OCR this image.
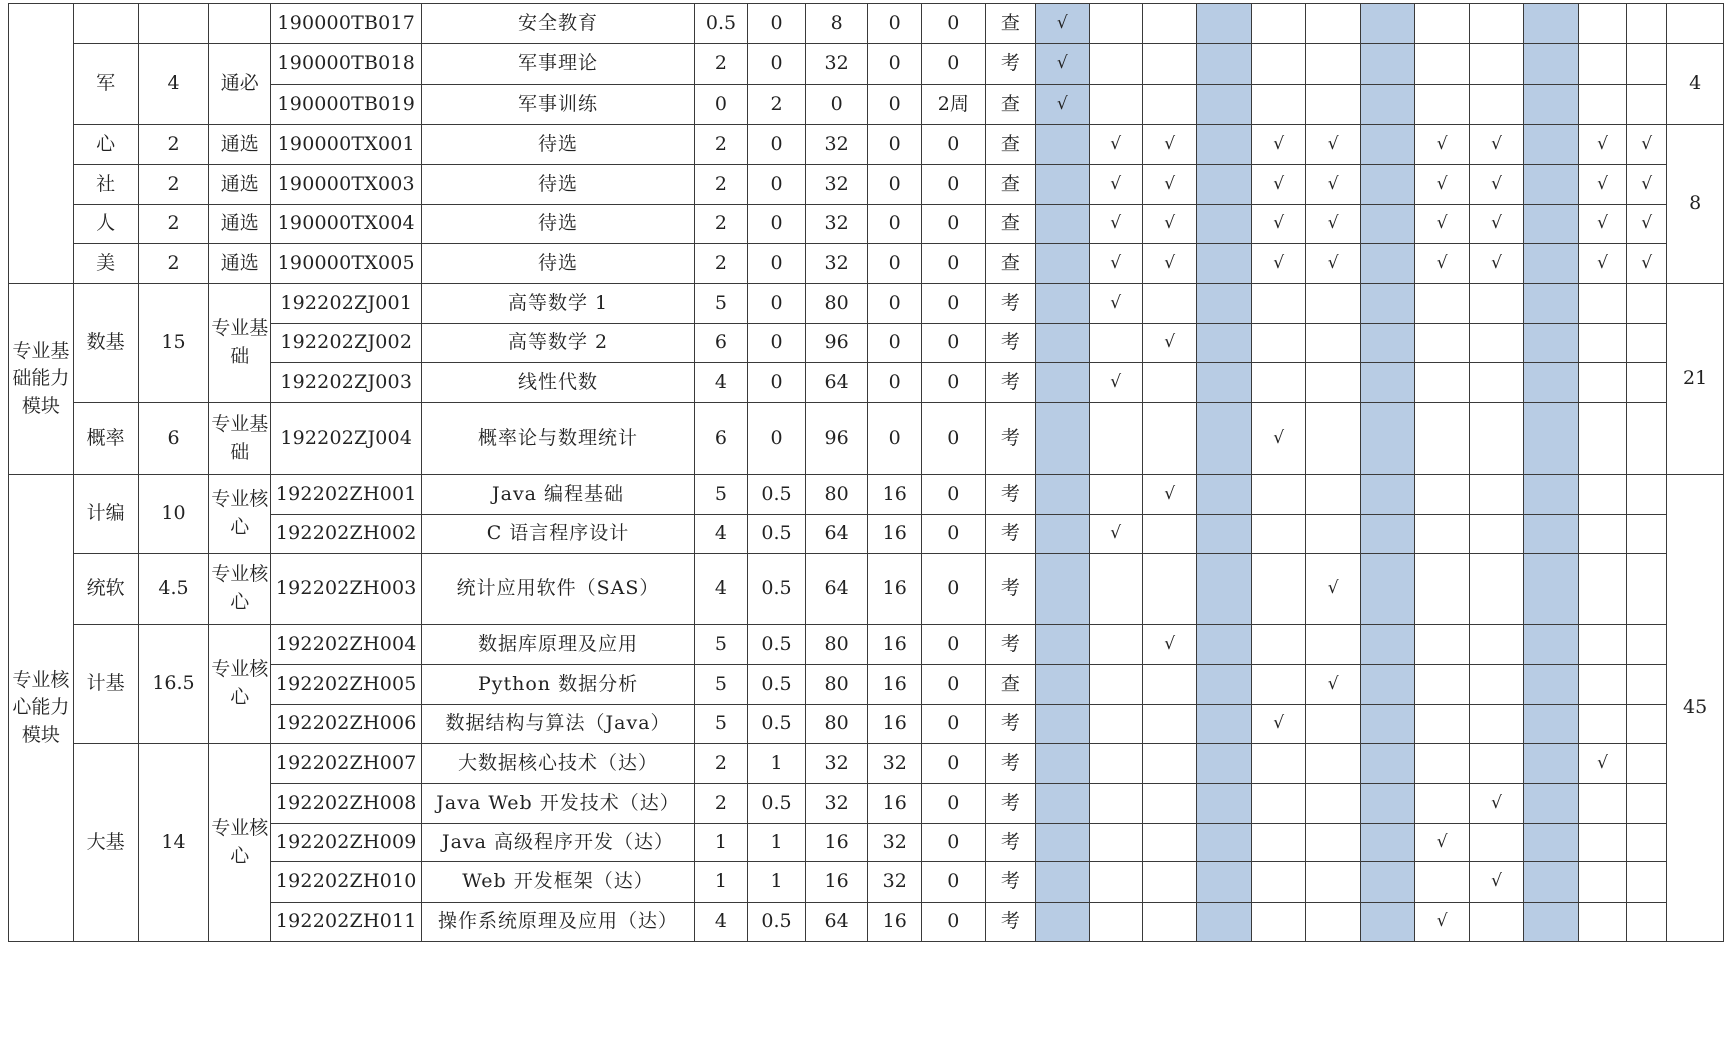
				190000TB017	安全教育	0.5	0	8	0	0	查	√												
	军	4	通必	190000TB018	军事理论	2	0	32	0	0	考	√												4
				190000TB019	军事训练	0	2	0	0	2周	查	√												
	心	2	通选	190000TX001	待选	2	0	32	0	0	查		√	√		√	√		√	√		√	√	8
	社	2	通选	190000TX003	待选	2	0	32	0	0	查		√	√		√	√		√	√		√	√	
	人	2	通选	190000TX004	待选	2	0	32	0	0	查		√	√		√	√		√	√		√	√	
	美	2	通选	190000TX005	待选	2	0	32	0	0	查		√	√		√	√		√	√		√	√	
专业基础能力模块	数基	15	专业基础	192202ZJ001	高等数学 1	5	0	80	0	0	考		√											21
				192202ZJ002	高等数学 2	6	0	96	0	0	考			√										
				192202ZJ003	线性代数	4	0	64	0	0	考		√											
	概率	6	专业基础	192202ZJ004	概率论与数理统计	6	0	96	0	0	考					√								
专业核心能力模块	计编	10	专业核心	192202ZH001	Java 编程基础	5	0.5	80	16	0	考			√										45
				192202ZH002	C 语言程序设计	4	0.5	64	16	0	考		√											
	统软	4.5	专业核心	192202ZH003	统计应用软件（SAS）	4	0.5	64	16	0	考						√							
	计基	16.5	专业核心	192202ZH004	数据库原理及应用	5	0.5	80	16	0	考			√										
				192202ZH005	Python 数据分析	5	0.5	80	16	0	查						√							
				192202ZH006	数据结构与算法（Java）	5	0.5	80	16	0	考					√								
	大基	14	专业核心	192202ZH007	大数据核心技术（达）	2	1	32	32	0	考											√		
				192202ZH008	Java Web 开发技术（达）	2	0.5	32	16	0	考									√				
				192202ZH009	Java 高级程序开发（达）	1	1	16	32	0	考								√					
				192202ZH010	Web 开发框架（达）	1	1	16	32	0	考									√				
				192202ZH011	操作系统原理及应用（达）	4	0.5	64	16	0	考								√					
